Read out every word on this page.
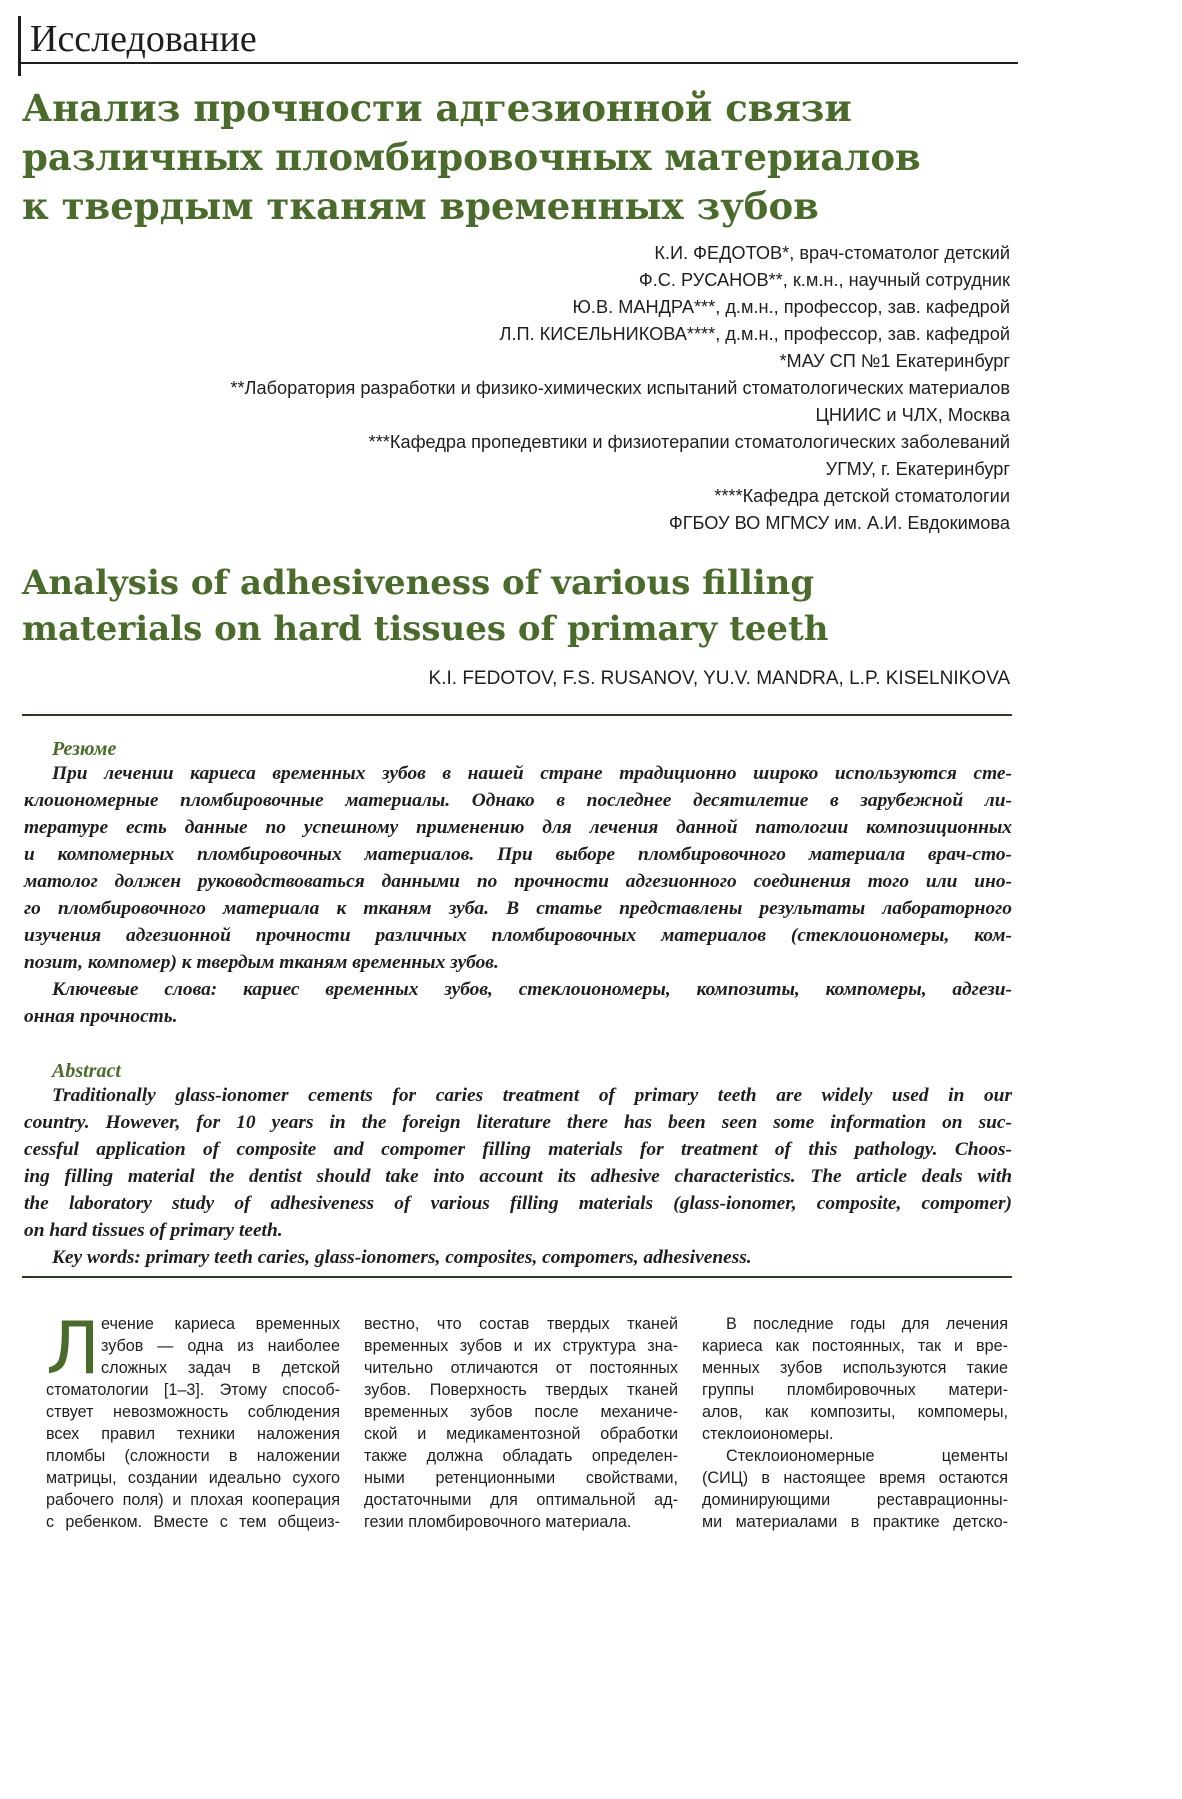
Исследование
Анализ прочности адгезионной связи
различных пломбировочных материалов
к твердым тканям временных зубов
К.И. ФЕДОТОВ*, врач-стоматолог детский
Ф.С. РУСАНОВ**, к.м.н., научный сотрудник
Ю.В. МАНДРА***, д.м.н., профессор, зав. кафедрой
Л.П. КИСЕЛЬНИКОВА****, д.м.н., профессор, зав. кафедрой
*МАУ СП №1 Екатеринбург
**Лаборатория разработки и физико-химических испытаний стоматологических материалов
ЦНИИС и ЧЛХ, Москва
***Кафедра пропедевтики и физиотерапии стоматологических заболеваний
УГМУ, г. Екатеринбург
****Кафедра детской стоматологии
ФГБОУ ВО МГМСУ им. А.И. Евдокимова
Analysis of adhesiveness of various filling
materials on hard tissues of primary teeth
K.I. FEDOTOV, F.S. RUSANOV, YU.V. MANDRA, L.P. KISELNIKOVA
Резюме
При лечении кариеса временных зубов в нашей стране традиционно широко используются сте-
клоиономерные пломбировочные материалы. Однако в последнее десятилетие в зарубежной ли-
тературе есть данные по успешному применению для лечения данной патологии композиционных
и компомерных пломбировочных материалов. При выборе пломбировочного материала врач-сто-
матолог должен руководствоваться данными по прочности адгезионного соединения того или ино-
го пломбировочного материала к тканям зуба. В статье представлены результаты лабораторного
изучения адгезионной прочности различных пломбировочных материалов (стеклоиономеры, ком-
позит, компомер) к твердым тканям временных зубов.
Ключевые слова: кариес временных зубов, стеклоиономеры, композиты, компомеры, адгези-
онная прочность.
Abstract
Traditionally glass-ionomer cements for caries treatment of primary teeth are widely used in our
country. However, for 10 years in the foreign literature there has been seen some information on suc-
cessful application of composite and compomer filling materials for treatment of this pathology. Choos-
ing filling material the dentist should take into account its adhesive characteristics. The article deals with
the laboratory study of adhesiveness of various filling materials (glass-ionomer, composite, compomer)
on hard tissues of primary teeth.
Key words: primary teeth caries, glass-ionomers, composites, compomers, adhesiveness.
Л ечение кариеса временных
зубов — одна из наиболее
сложных задач в детской
стоматологии [1–3]. Этому способ-
ствует невозможность соблюдения
всех правил техники наложения
пломбы (сложности в наложении
матрицы, создании идеально сухого
рабочего поля) и плохая кооперация
с ребенком. Вместе с тем общеиз-
вестно, что состав твердых тканей
временных зубов и их структура зна-
чительно отличаются от постоянных
зубов. Поверхность твердых тканей
временных зубов после механиче-
ской и медикаментозной обработки
также должна обладать определен-
ными ретенционными свойствами,
достаточными для оптимальной ад-
гезии пломбировочного материала.
В последние годы для лечения
кариеса как постоянных, так и вре-
менных зубов используются такие
группы пломбировочных матери-
алов, как композиты, компомеры,
стеклоиономеры.
Стеклоиономерные цементы
(СИЦ) в настоящее время остаются
доминирующими реставрационны-
ми материалами в практике детско-
